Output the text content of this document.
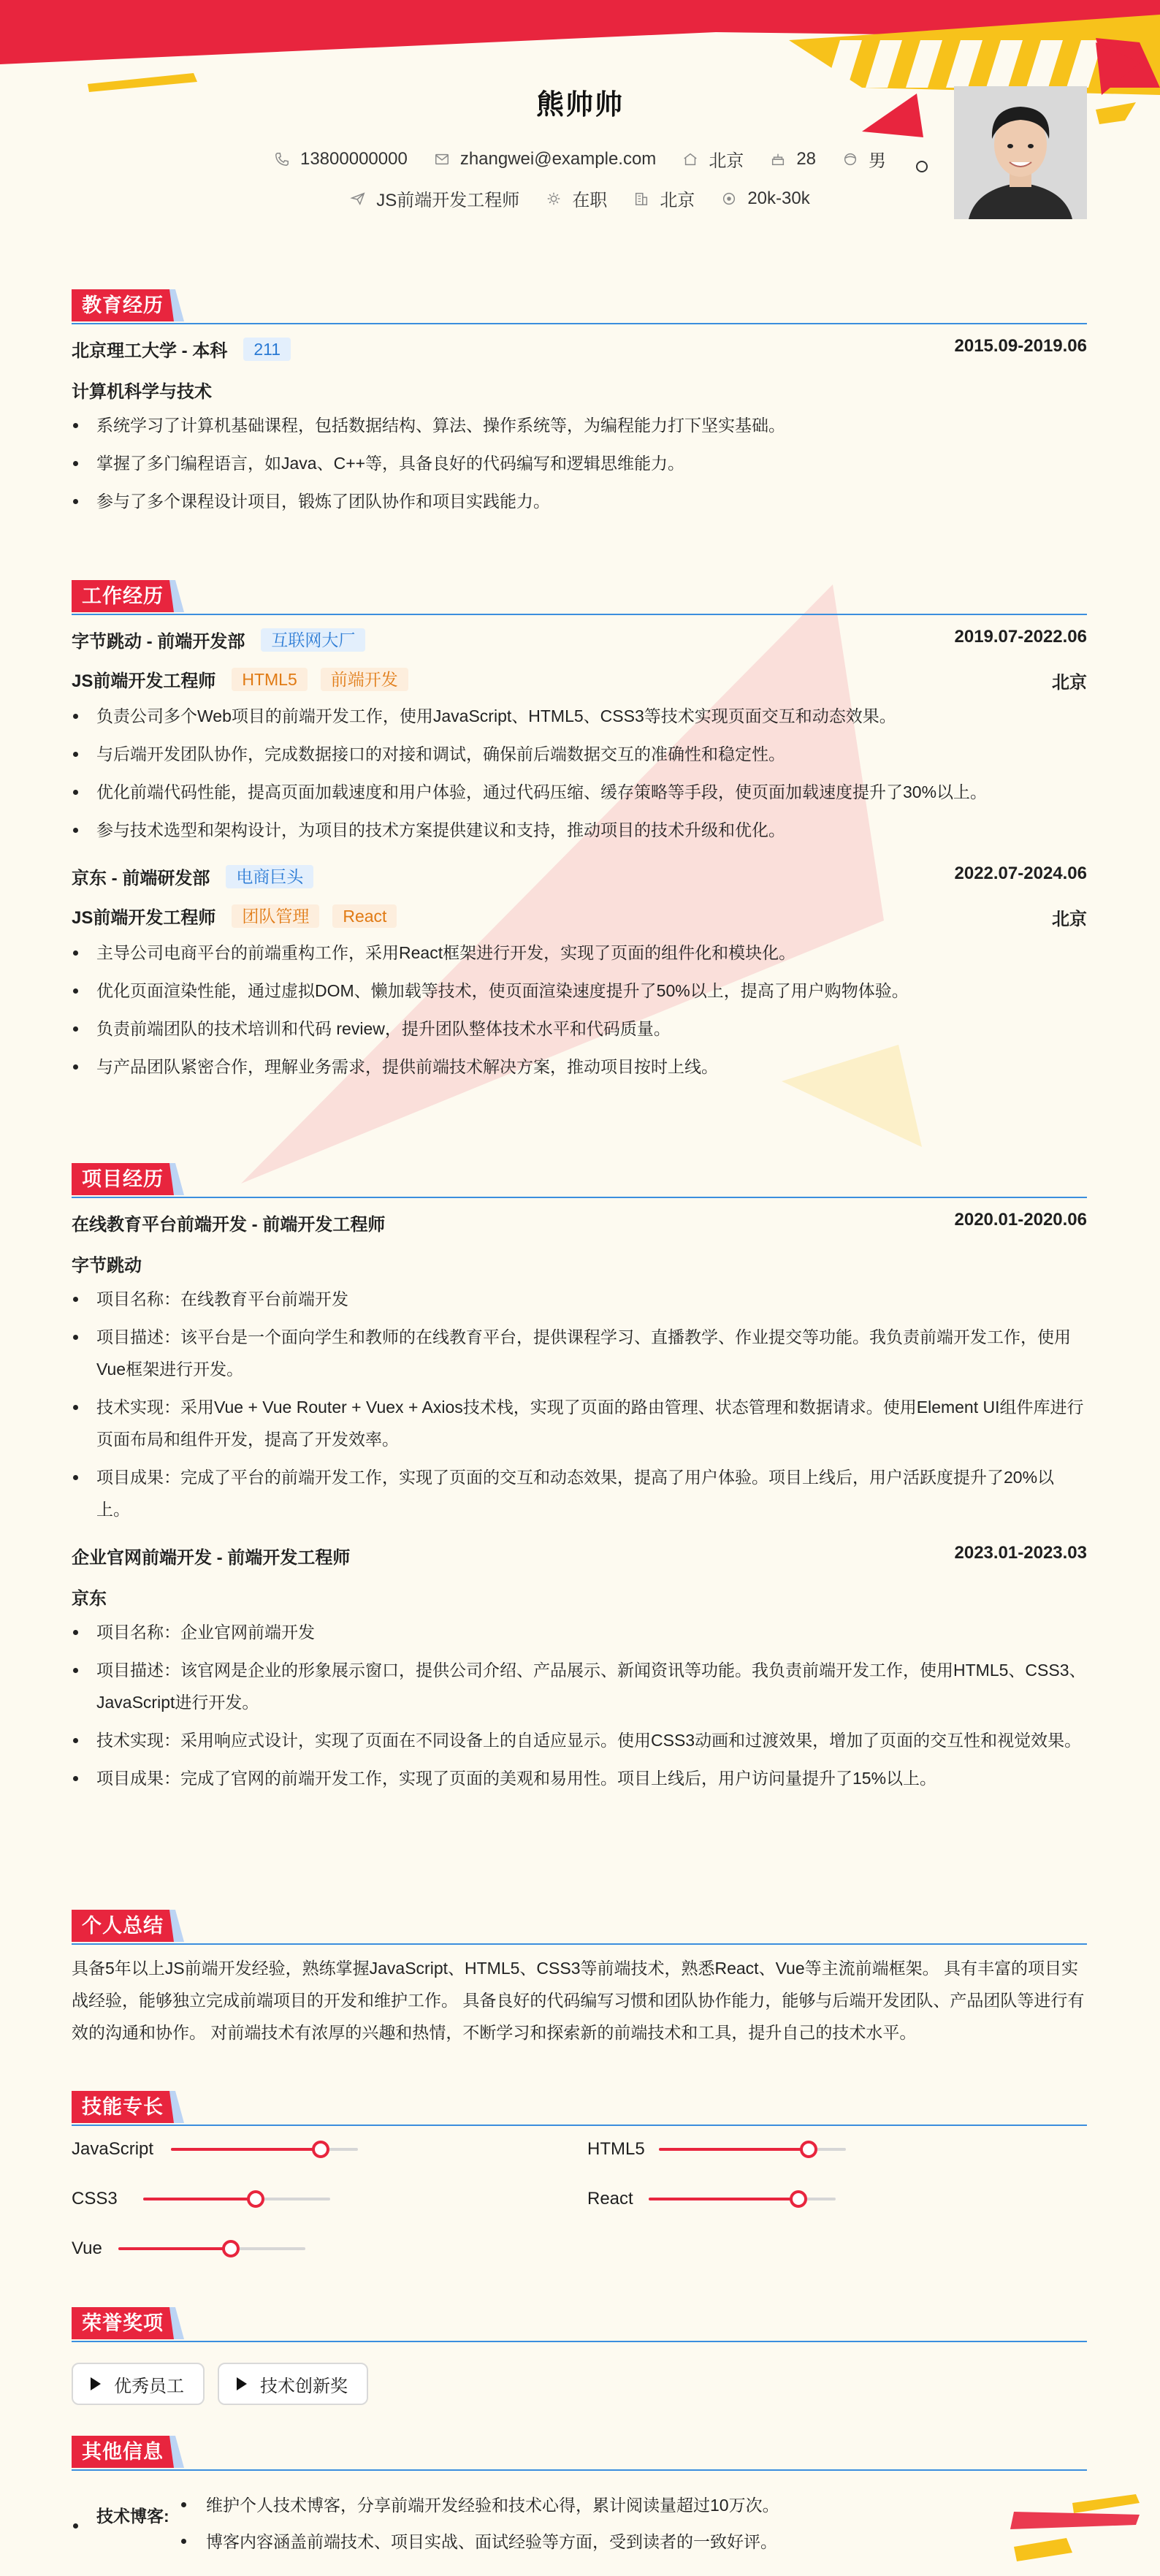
熊帅帅
13800000000	zhangwei@example.com	北京	28	男
JS前端开发工程师	在职	北京	20k-30k
教育经历
北京理工大学 - 本科	211	2015.09-2019.06
计算机科学与技术
系统学习了计算机基础课程，包括数据结构、算法、操作系统等，为编程能力打下坚实基础。
掌握了多门编程语言，如Java、C++等，具备良好的代码编写和逻辑思维能力。
参与了多个课程设计项目，锻炼了团队协作和项目实践能力。
工作经历
字节跳动 - 前端开发部	互联网大厂	2019.07-2022.06
JS前端开发工程师	HTML5	前端开发	北京
负责公司多个Web项目的前端开发工作，使用JavaScript、HTML5、CSS3等技术实现页面交互和动态效果。
与后端开发团队协作，完成数据接口的对接和调试，确保前后端数据交互的准确性和稳定性。
优化前端代码性能，提高页面加载速度和用户体验，通过代码压缩、缓存策略等手段，使页面加载速度提升了30%以上。
参与技术选型和架构设计，为项目的技术方案提供建议和支持，推动项目的技术升级和优化。
京东 - 前端研发部	电商巨头	2022.07-2024.06
JS前端开发工程师	团队管理	React	北京
主导公司电商平台的前端重构工作，采用React框架进行开发，实现了页面的组件化和模块化。
优化页面渲染性能，通过虚拟DOM、懒加载等技术，使页面渲染速度提升了50%以上，提高了用户购物体验。
负责前端团队的技术培训和代码 review，提升团队整体技术水平和代码质量。
与产品团队紧密合作，理解业务需求，提供前端技术解决方案，推动项目按时上线。
项目经历
在线教育平台前端开发 - 前端开发工程师	2020.01-2020.06
字节跳动
项目名称：在线教育平台前端开发
项目描述：该平台是一个面向学生和教师的在线教育平台，提供课程学习、直播教学、作业提交等功能。我负责前端开发工作，使用Vue框架进行开发。
技术实现：采用Vue + Vue Router + Vuex + Axios技术栈，实现了页面的路由管理、状态管理和数据请求。使用Element UI组件库进行页面布局和组件开发，提高了开发效率。
项目成果：完成了平台的前端开发工作，实现了页面的交互和动态效果，提高了用户体验。项目上线后，用户活跃度提升了20%以上。
企业官网前端开发 - 前端开发工程师	2023.01-2023.03
京东
项目名称：企业官网前端开发
项目描述：该官网是企业的形象展示窗口，提供公司介绍、产品展示、新闻资讯等功能。我负责前端开发工作，使用HTML5、CSS3、JavaScript进行开发。
技术实现：采用响应式设计，实现了页面在不同设备上的自适应显示。使用CSS3动画和过渡效果，增加了页面的交互性和视觉效果。
项目成果：完成了官网的前端开发工作，实现了页面的美观和易用性。项目上线后，用户访问量提升了15%以上。
个人总结
具备5年以上JS前端开发经验，熟练掌握JavaScript、HTML5、CSS3等前端技术，熟悉React、Vue等主流前端框架。 具有丰富的项目实战经验，能够独立完成前端项目的开发和维护工作。 具备良好的代码编写习惯和团队协作能力，能够与后端开发团队、产品团队等进行有效的沟通和协作。 对前端技术有浓厚的兴趣和热情，不断学习和探索新的前端技术和工具，提升自己的技术水平。
技能专长
JavaScript	HTML5
CSS3	React
Vue
荣誉奖项
优秀员工	技术创新奖
其他信息
技术博客:
维护个人技术博客，分享前端开发经验和技术心得，累计阅读量超过10万次。
博客内容涵盖前端技术、项目实战、面试经验等方面，受到读者的一致好评。
